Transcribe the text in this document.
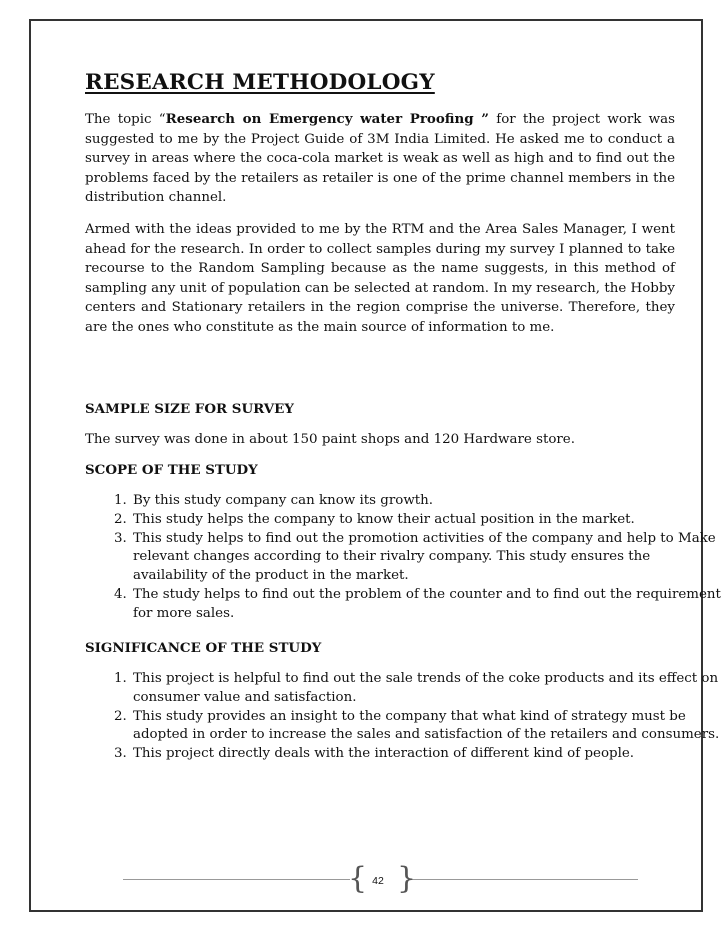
RESEARCH METHODOLOGY

The topic “Research on Emergency water Proofing ” for the project work was suggested to me by the Project Guide of 3M India Limited. He asked me to conduct a survey in areas where the coca-cola market is weak as well as high and to find out the problems faced by the retailers as retailer is one of the prime channel members in the distribution channel.

Armed with the ideas provided to me by the RTM and the Area Sales Manager, I went ahead for the research. In order to collect samples during my survey I planned to take recourse to the Random Sampling because as the name suggests, in this method of sampling any unit of population can be selected at random. In my research, the Hobby centers and Stationary retailers in the region comprise the universe. Therefore, they are the ones who constitute as the main source of information to me.

SAMPLE SIZE FOR SURVEY

The survey was done in about 150 paint shops and 120 Hardware store.

SCOPE OF THE STUDY
1. By this study company can know its growth.
2. This study helps the company to know their actual position in the market.
3. This study helps to find out the promotion activities of the company and help to Make relevant changes according to their rivalry company. This study ensures the availability of the product in the market.
4. The study helps to find out the problem of the counter and to find out the requirement for more sales.
SIGNIFICANCE OF THE STUDY
1. This project is helpful to find out the sale trends of the coke products and its effect on consumer value and satisfaction.
2. This study provides an insight to the company that what kind of strategy must be adopted in order to increase the sales and satisfaction of the retailers and consumers.
3. This project directly deals with the interaction of different kind of people.
{ 42 }
